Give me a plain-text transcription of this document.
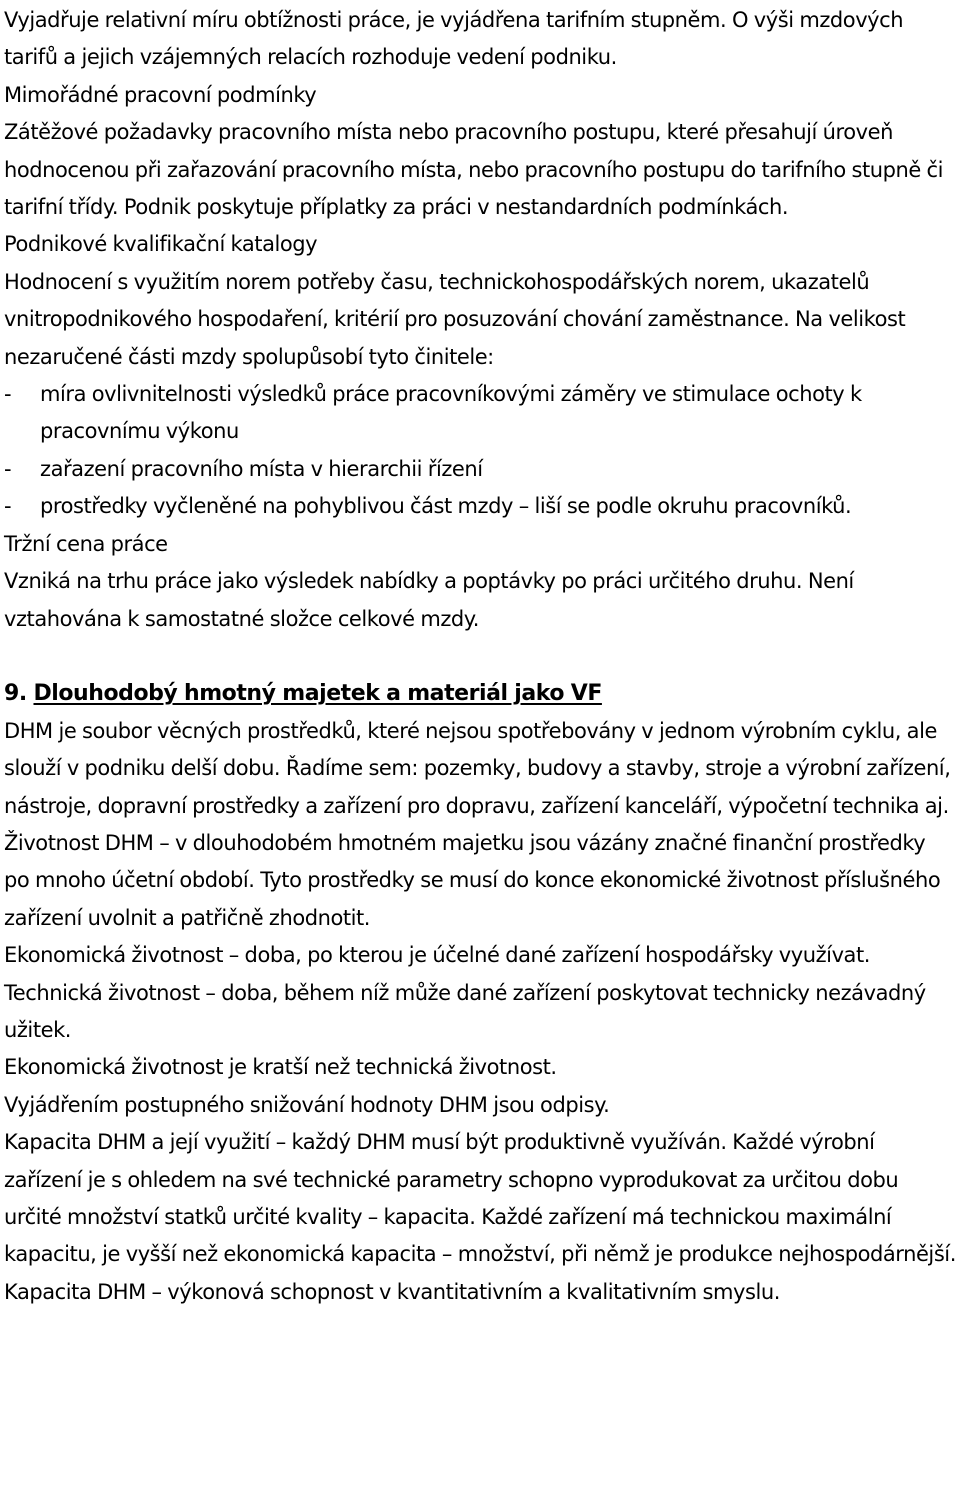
Vyjadřuje relativní míru obtížnosti práce, je vyjádřena tarifním stupněm. O výši mzdových tarifů a jejich vzájemných relacích rozhoduje vedení podniku.

Mimořádné pracovní podmínky

Zátěžové požadavky pracovního místa nebo pracovního postupu, které přesahují úroveň hodnocenou při zařazování pracovního místa, nebo pracovního postupu do tarifního stupně či tarifní třídy. Podnik poskytuje příplatky za práci v nestandardních podmínkách.

Podnikové kvalifikační katalogy

Hodnocení s využitím norem potřeby času, technickohospodářských norem, ukazatelů vnitropodnikového hospodaření, kritérií pro posuzování chování zaměstnance. Na velikost nezaručené části mzdy spolupůsobí tyto činitele:

-	míra ovlivnitelnosti výsledků práce pracovníkovými záměry ve stimulace ochoty k pracovnímu výkonu
-	zařazení pracovního místa v hierarchii řízení
-	prostředky vyčleněné na pohyblivou část mzdy – liší se podle okruhu pracovníků.

Tržní cena práce

Vzniká na trhu práce jako výsledek nabídky a poptávky po práci určitého druhu. Není vztahována k samostatné složce celkové mzdy.

9. Dlouhodobý hmotný majetek a materiál jako VF

DHM je soubor věcných prostředků, které nejsou spotřebovány v jednom výrobním cyklu, ale slouží v podniku delší dobu. Řadíme sem: pozemky, budovy a stavby, stroje a výrobní zařízení, nástroje, dopravní prostředky a zařízení pro dopravu, zařízení kanceláří, výpočetní technika aj.

Životnost DHM – v dlouhodobém hmotném majetku jsou vázány značné finanční prostředky po mnoho účetní období. Tyto prostředky se musí do konce ekonomické životnost příslušného zařízení uvolnit a patřičně zhodnotit.

Ekonomická životnost – doba, po kterou je účelné dané zařízení hospodářsky využívat.

Technická životnost – doba, během níž může dané zařízení poskytovat technicky nezávadný užitek.

Ekonomická životnost je kratší než technická životnost.

Vyjádřením postupného snižování hodnoty DHM jsou odpisy.

Kapacita DHM a její využití – každý DHM musí být produktivně využíván. Každé výrobní zařízení je s ohledem na své technické parametry schopno vyprodukovat za určitou dobu určité množství statků určité kvality – kapacita. Každé zařízení má technickou maximální kapacitu, je vyšší než ekonomická kapacita – množství, při němž je produkce nejhospodárnější.

Kapacita DHM – výkonová schopnost v kvantitativním a kvalitativním smyslu.
